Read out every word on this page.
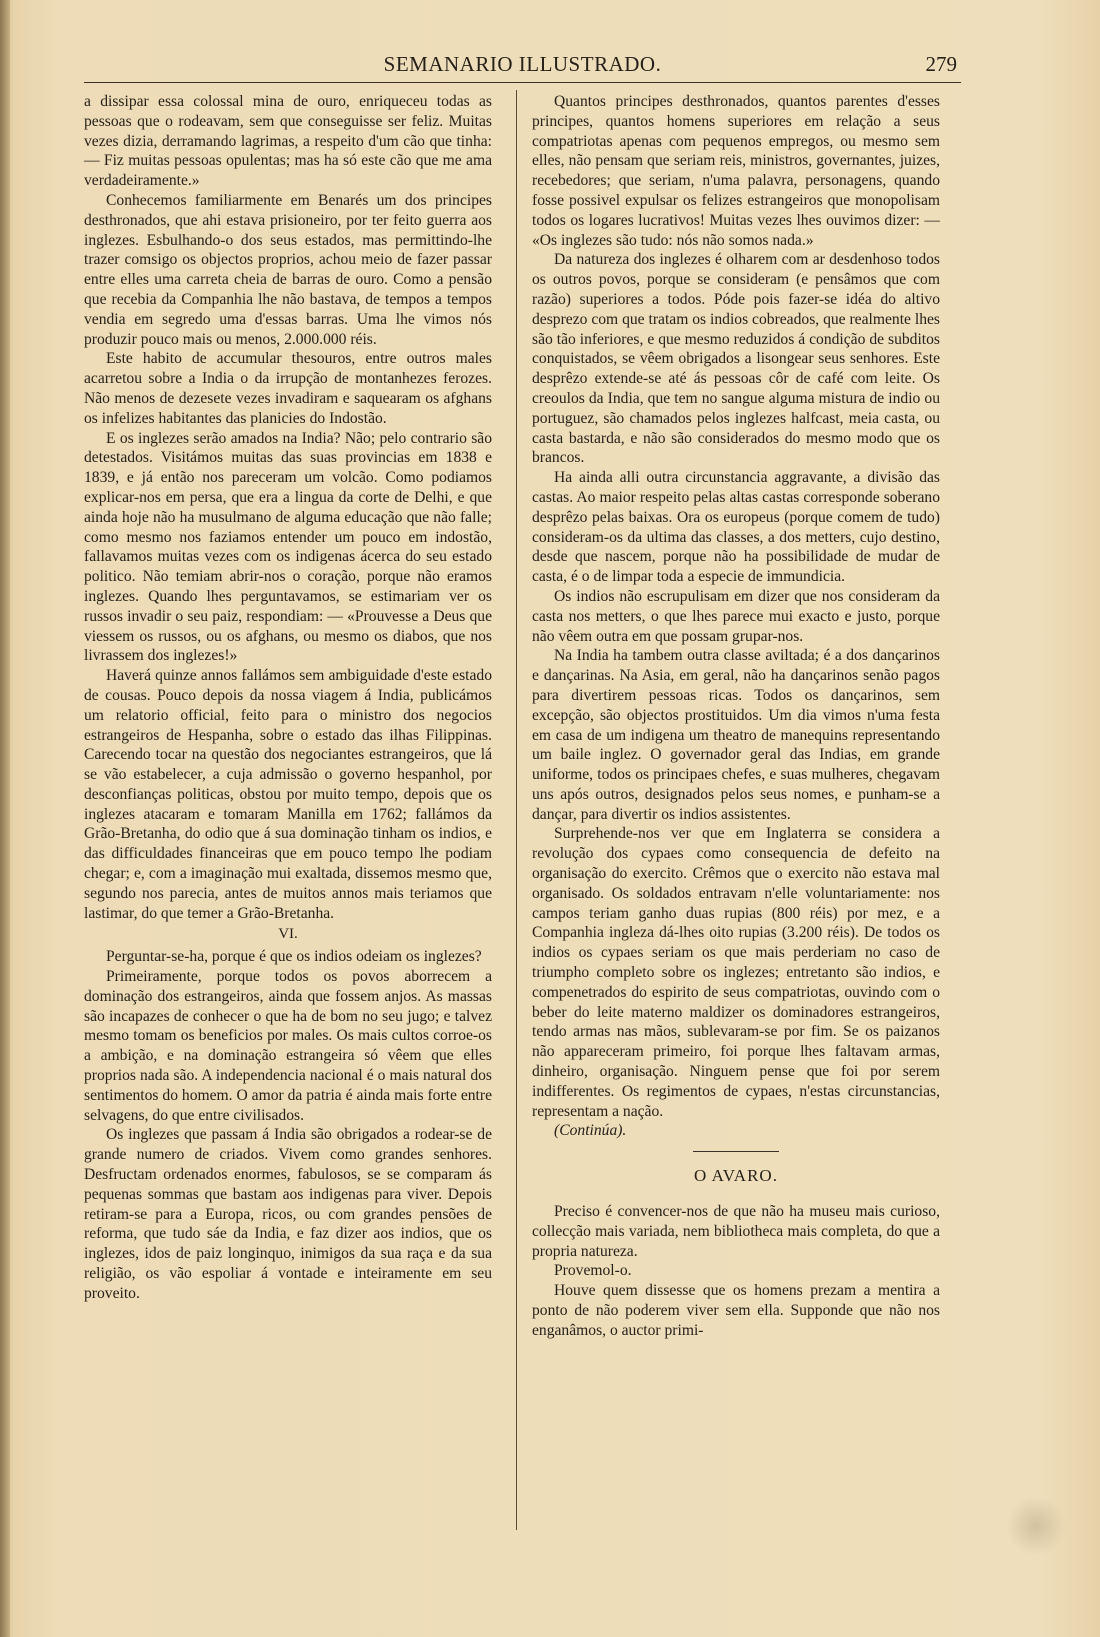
SEMANARIO ILLUSTRADO.	279

a dissipar essa colossal mina de ouro, enriqueceu todas as pessoas que o rodeavam, sem que conseguisse ser feliz. Muitas vezes dizia, derramando lagrimas, a respeito d'um cão que tinha: — Fiz muitas pessoas opulentas; mas ha só este cão que me ama verdadeiramente.»

Conhecemos familiarmente em Benarés um dos principes desthronados, que ahi estava prisioneiro, por ter feito guerra aos inglezes. Esbulhando-o dos seus estados, mas permittindo-lhe trazer comsigo os objectos proprios, achou meio de fazer passar entre elles uma carreta cheia de barras de ouro. Como a pensão que recebia da Companhia lhe não bastava, de tempos a tempos vendia em segredo uma d'essas barras. Uma lhe vimos nós produzir pouco mais ou menos, 2.000.000 réis.

Este habito de accumular thesouros, entre outros males acarretou sobre a India o da irrupção de montanhezes ferozes. Não menos de dezesete vezes invadiram e saquearam os afghans os infelizes habitantes das planicies do Indostão.

E os inglezes serão amados na India? Não; pelo contrario são detestados. Visitámos muitas das suas provincias em 1838 e 1839, e já então nos pareceram um volcão. Como podiamos explicar-nos em persa, que era a lingua da corte de Delhi, e que ainda hoje não ha musulmano de alguma educação que não falle; como mesmo nos faziamos entender um pouco em indostão, fallavamos muitas vezes com os indigenas ácerca do seu estado politico. Não temiam abrir-nos o coração, porque não eramos inglezes. Quando lhes perguntavamos, se estimariam ver os russos invadir o seu paiz, respondiam: — «Prouvesse a Deus que viessem os russos, ou os afghans, ou mesmo os diabos, que nos livrassem dos inglezes!»

Haverá quinze annos fallámos sem ambiguidade d'este estado de cousas. Pouco depois da nossa viagem á India, publicámos um relatorio official, feito para o ministro dos negocios estrangeiros de Hespanha, sobre o estado das ilhas Filippinas. Carecendo tocar na questão dos negociantes estrangeiros, que lá se vão estabelecer, a cuja admissão o governo hespanhol, por desconfianças politicas, obstou por muito tempo, depois que os inglezes atacaram e tomaram Manilla em 1762; fallámos da Grão-Bretanha, do odio que á sua dominação tinham os indios, e das difficuldades financeiras que em pouco tempo lhe podiam chegar; e, com a imaginação mui exaltada, dissemos mesmo que, segundo nos parecia, antes de muitos annos mais teriamos que lastimar, do que temer a Grão-Bretanha.

VI.

Perguntar-se-ha, porque é que os indios odeiam os inglezes?

Primeiramente, porque todos os povos aborrecem a dominação dos estrangeiros, ainda que fossem anjos. As massas são incapazes de conhecer o que ha de bom no seu jugo; e talvez mesmo tomam os beneficios por males. Os mais cultos corroe-os a ambição, e na dominação estrangeira só vêem que elles proprios nada são. A independencia nacional é o mais natural dos sentimentos do homem. O amor da patria é ainda mais forte entre selvagens, do que entre civilisados.

Os inglezes que passam á India são obrigados a rodear-se de grande numero de criados. Vivem como grandes senhores. Desfructam ordenados enormes, fabulosos, se se comparam ás pequenas sommas que bastam aos indigenas para viver. Depois retiram-se para a Europa, ricos, ou com grandes pensões de reforma, que tudo sáe da India, e faz dizer aos indios, que os inglezes, idos de paiz longinquo, inimigos da sua raça e da sua religião, os vão espoliar á vontade e inteiramente em seu proveito.

Quantos principes desthronados, quantos parentes d'esses principes, quantos homens superiores em relação a seus compatriotas apenas com pequenos empregos, ou mesmo sem elles, não pensam que seriam reis, ministros, governantes, juizes, recebedores; que seriam, n'uma palavra, personagens, quando fosse possivel expulsar os felizes estrangeiros que monopolisam todos os logares lucrativos! Muitas vezes lhes ouvimos dizer: — «Os inglezes são tudo: nós não somos nada.»

Da natureza dos inglezes é olharem com ar desdenhoso todos os outros povos, porque se consideram (e pensâmos que com razão) superiores a todos. Póde pois fazer-se idéa do altivo desprezo com que tratam os indios cobreados, que realmente lhes são tão inferiores, e que mesmo reduzidos á condição de subditos conquistados, se vêem obrigados a lisongear seus senhores. Este desprêzo extende-se até ás pessoas côr de café com leite. Os creoulos da India, que tem no sangue alguma mistura de indio ou portuguez, são chamados pelos inglezes halfcast, meia casta, ou casta bastarda, e não são considerados do mesmo modo que os brancos.

Ha ainda alli outra circunstancia aggravante, a divisão das castas. Ao maior respeito pelas altas castas corresponde soberano desprêzo pelas baixas. Ora os europeus (porque comem de tudo) consideram-os da ultima das classes, a dos metters, cujo destino, desde que nascem, porque não ha possibilidade de mudar de casta, é o de limpar toda a especie de immundicia.

Os indios não escrupulisam em dizer que nos consideram da casta nos metters, o que lhes parece mui exacto e justo, porque não vêem outra em que possam grupar-nos.

Na India ha tambem outra classe aviltada; é a dos dançarinos e dançarinas. Na Asia, em geral, não ha dançarinos senão pagos para divertirem pessoas ricas. Todos os dançarinos, sem excepção, são objectos prostituidos. Um dia vimos n'uma festa em casa de um indigena um theatro de manequins representando um baile inglez. O governador geral das Indias, em grande uniforme, todos os principaes chefes, e suas mulheres, chegavam uns após outros, designados pelos seus nomes, e punham-se a dançar, para divertir os indios assistentes.

Surprehende-nos ver que em Inglaterra se considera a revolução dos cypaes como consequencia de defeito na organisação do exercito. Crêmos que o exercito não estava mal organisado. Os soldados entravam n'elle voluntariamente: nos campos teriam ganho duas rupias (800 réis) por mez, e a Companhia ingleza dá-lhes oito rupias (3.200 réis). De todos os indios os cypaes seriam os que mais perderiam no caso de triumpho completo sobre os inglezes; entretanto são indios, e compenetrados do espirito de seus compatriotas, ouvindo com o beber do leite materno maldizer os dominadores estrangeiros, tendo armas nas mãos, sublevaram-se por fim. Se os paizanos não appareceram primeiro, foi porque lhes faltavam armas, dinheiro, organisação. Ninguem pense que foi por serem indifferentes. Os regimentos de cypaes, n'estas circunstancias, representam a nação.

(Continúa).

O AVARO.

Preciso é convencer-nos de que não ha museu mais curioso, collecção mais variada, nem bibliotheca mais completa, do que a propria natureza.

Provemol-o.

Houve quem dissesse que os homens prezam a mentira a ponto de não poderem viver sem ella. Supponde que não nos enganâmos, o auctor primi-
